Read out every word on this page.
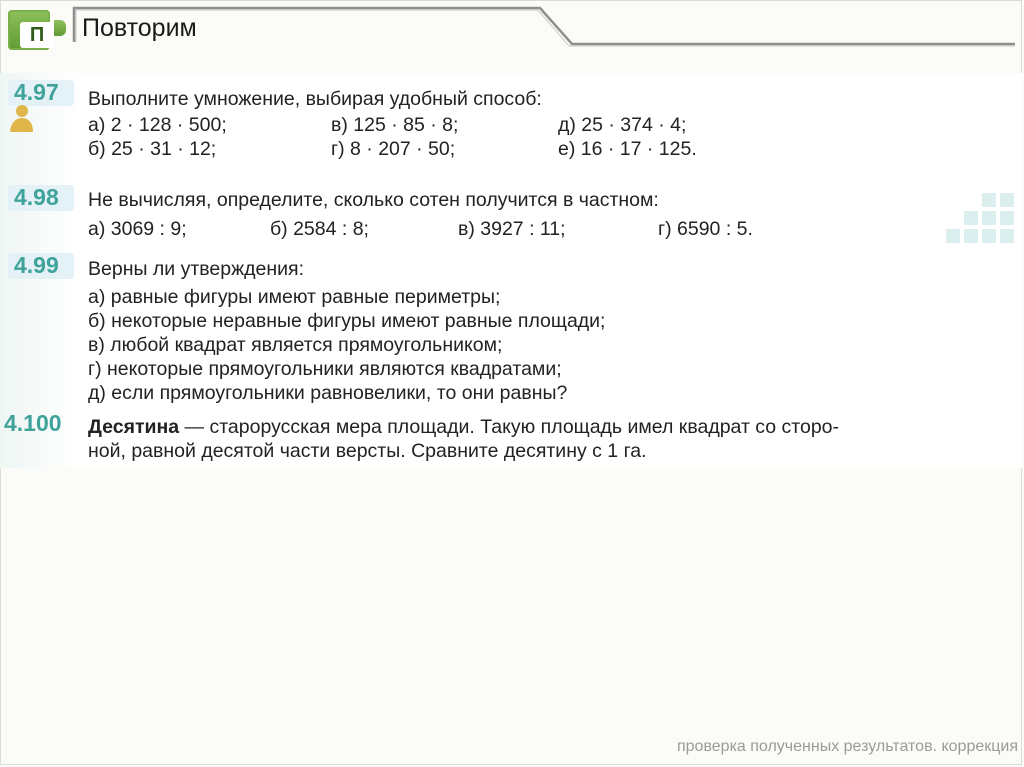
П	Повторим
4.97 Выполните умножение, выбирая удобный способ:
а) 2 · 128 · 500;	в) 125 · 85 · 8;	д) 25 · 374 · 4;
б) 25 · 31 · 12;	г) 8 · 207 · 50;	е) 16 · 17 · 125.
4.98 Не вычисляя, определите, сколько сотен получится в частном:
а) 3069 : 9;	б) 2584 : 8;	в) 3927 : 11;	г) 6590 : 5.
4.99 Верны ли утверждения:
а) равные фигуры имеют равные периметры;
б) некоторые неравные фигуры имеют равные площади;
в) любой квадрат является прямоугольником;
г) некоторые прямоугольники являются квадратами;
д) если прямоугольники равновелики, то они равны?
4.100 Десятина — старорусская мера площади. Такую площадь имел квадрат со сторо-
ной, равной десятой части версты. Сравните десятину с 1 га.
проверка полученных результатов. коррекция
